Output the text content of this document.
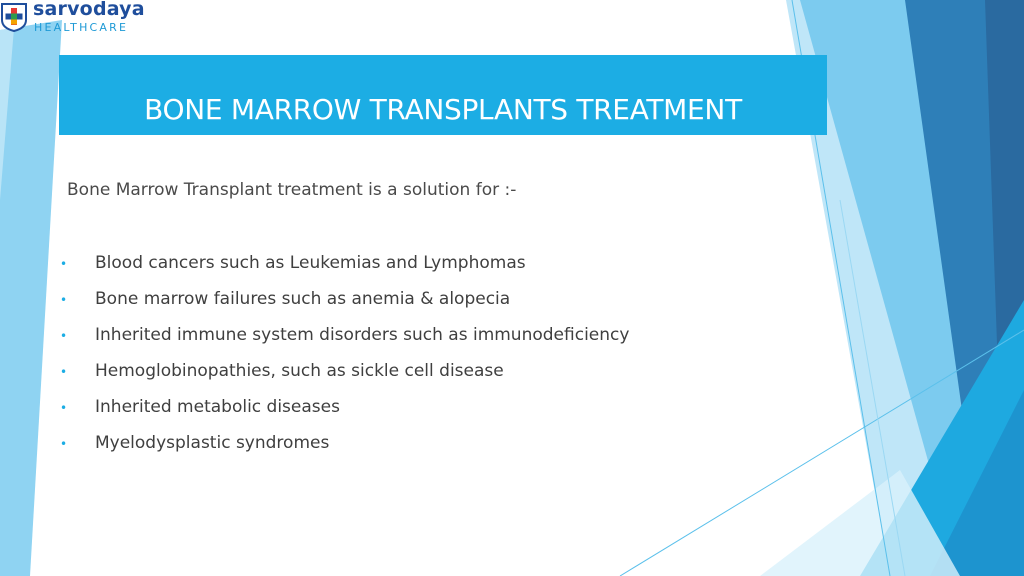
sarvodaya
HEALTHCARE
BONE MARROW TRANSPLANTS TREATMENT
Bone Marrow Transplant treatment is a solution for :-
• Blood cancers such as Leukemias and Lymphomas
• Bone marrow failures such as anemia & alopecia
• Inherited immune system disorders such as immunodeficiency
• Hemoglobinopathies, such as sickle cell disease
• Inherited metabolic diseases
• Myelodysplastic syndromes
